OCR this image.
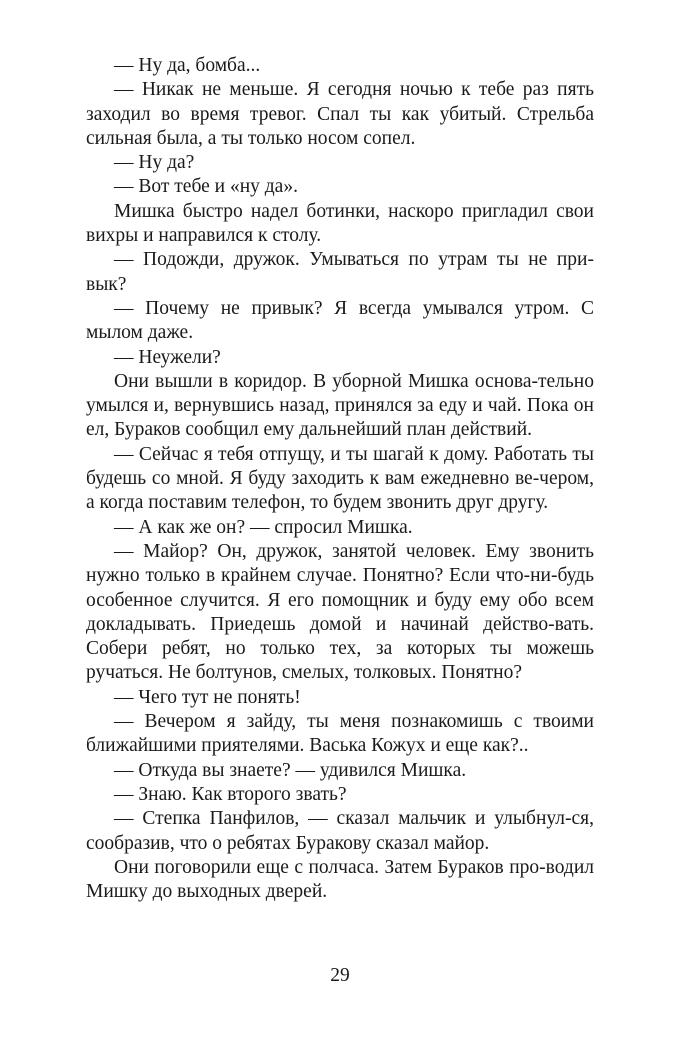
— Ну да, бомба...

— Никак не меньше. Я сегодня ночью к тебе раз пять заходил во время тревог. Спал ты как убитый. Стрельба сильная была, а ты только носом сопел.

— Ну да?

— Вот тебе и «ну да».

Мишка быстро надел ботинки, наскоро пригладил свои вихры и направился к столу.

— Подожди, дружок. Умываться по утрам ты не при-вык?

— Почему не привык? Я всегда умывался утром. С мылом даже.

— Неужели?

Они вышли в коридор. В уборной Мишка основа-тельно умылся и, вернувшись назад, принялся за еду и чай. Пока он ел, Бураков сообщил ему дальнейший план действий.

— Сейчас я тебя отпущу, и ты шагай к дому. Работать ты будешь со мной. Я буду заходить к вам ежедневно ве-чером, а когда поставим телефон, то будем звонить друг другу.

— А как же он? — спросил Мишка.

— Майор? Он, дружок, занятой человек. Ему звонить нужно только в крайнем случае. Понятно? Если что-ни-будь особенное случится. Я его помощник и буду ему обо всем докладывать. Приедешь домой и начинай действо-вать. Собери ребят, но только тех, за которых ты можешь ручаться. Не болтунов, смелых, толковых. Понятно?

— Чего тут не понять!

— Вечером я зайду, ты меня познакомишь с твоими ближайшими приятелями. Васька Кожух и еще как?..

— Откуда вы знаете? — удивился Мишка.

— Знаю. Как второго звать?

— Степка Панфилов, — сказал мальчик и улыбнул-ся, сообразив, что о ребятах Буракову сказал майор.

Они поговорили еще с полчаса. Затем Бураков про-водил Мишку до выходных дверей.

29
